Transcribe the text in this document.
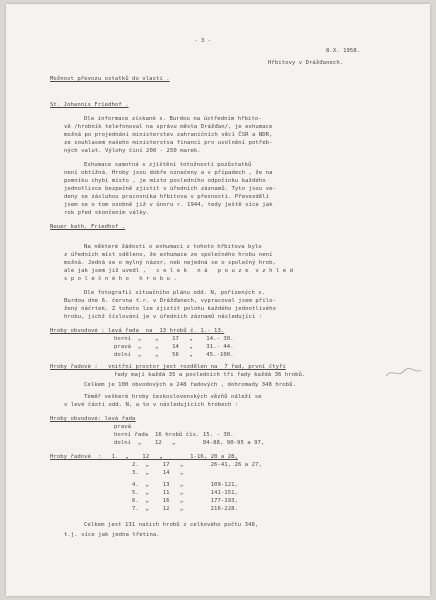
- 3 -
8.X. 1958.
Hřbitovy v Drážďanech.
Možnost převozu ostatků do vlasti .
St. Johannis Friedhof .
Dle informace získané s. Burdou na ústředním hřbito-
vě /hrobník telefonoval na správu města Drážďan/, je exhumace
možná po projednání ministerstev zahraničních věcí ČSR a NDR,
ze souhlasem našeho ministerstva financí pro uvolnění potřeb-
ných valut. Výlohy činí 200 - 250 marek.
Exhumace samotná s zjištění totožnosti pozůstatků
není obtížná. Hroby jsou dobře označeny a v případech , že na
pomníku chybí místo , je místo posledního odpočinku každého
jednotlivce bezpečně zjistit v úředních záznamů. Tyto jsou ve-
deny se zásluhou pracovníka hřbitova v přesnosti. Převezdělí
jsem se o tom osobně již v únoru r. 1944, tedy ještě více jak
rok před skončením války.
Neuer kath. Friedhof .
Na některé žádosti o exhumaci z tohoto hřbitova bylo
z úředních míst sděleno, že exhumace ze společného hrobu není
možná. Jedná se o mylný názor, neb nejedná se o společný hrob,
ale jak jsem již uvedl ,   c e l e k   n á   p o u z e  v z h l e d
s p o l e č n é h o   h r o b u .
Dle fotografií situačního plánu odd. N, pořízených s.
Burdou dne 6. června t.r. v Drážďanech, vypracoval jsem přilo-
žený náčrtek. Z tohoto lze zjistit polohu každého jednotlivého
hrobu, jichž číslování je v úředních záznamů následující :
Hroby obvodové : levá řada  na  13 hrobů č. 1.- 13.
horní  „    „    17   „    14.- 30.
pravá  „    „    14   „    31.- 44.
dolní  „    „    56   „    45.-100.
Hroby řadové :   vnitřní prostor jest rozdělen na  7 řad, první čtyři
řady mají každá 35 a posledních tři řady každá 36 hrobů.
Celkem je 100 obvodových a 248 řadových , dohromady 348 hrobů.
Téměř veškeré hroby československých vězňů náleží se
v levé části odd. N, a to v následujících hrobech :
Hroby obvodové: levá řada
pravá
horní řada  16 hrobů čís. 15. - 30.
dolní  „    12   „        84-88, 90-95 a 97,
Hroby řadové  :   1.  „    12   „        1-16, 20 a 28,
2.  „    17   „        26-41, 26 a 27,
3.  „    14   „
4.  „    13   „        109-121,
5.  „    11   „        141-151,
6.  „    16   „        177-193,
7.  „    12   „        216-228.
Celkem jest 131 našich hrobů z celkového počtu 348,
t.j. více jak jedna třetina.
